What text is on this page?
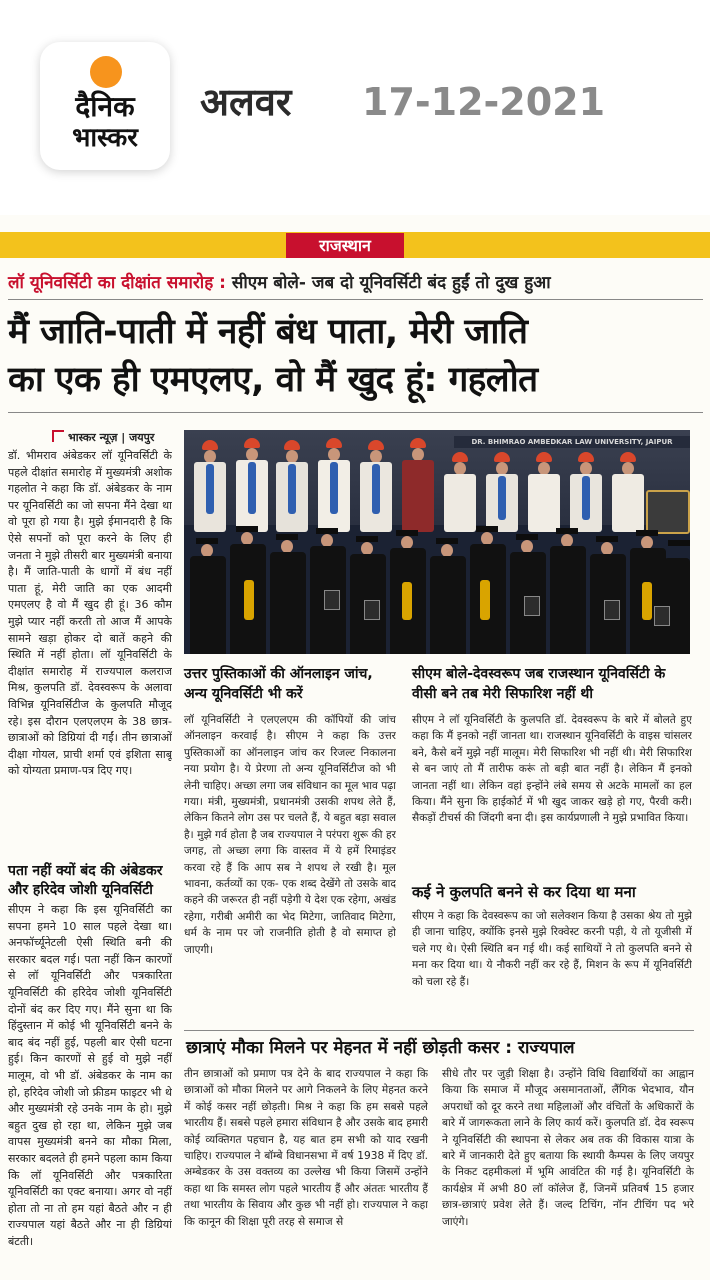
दैनिक
भास्कर
अलवर 17-12-2021
राजस्थान
लॉ यूनिवर्सिटी का दीक्षांत समारोह : सीएम बोले- जब दो यूनिवर्सिटी बंद हुईं तो दुख हुआ
मैं जाति-पाती में नहीं बंध पाता, मेरी जाति
का एक ही एमएलए, वो मैं खुद हूं: गहलोत
भास्कर न्यूज़ | जयपुर
डॉ. भीमराव अंबेडकर लॉ यूनिवर्सिटी के पहले दीक्षांत समारोह में मुख्यमंत्री अशोक गहलोत ने कहा कि डॉ. अंबेडकर के नाम पर यूनिवर्सिटी का जो सपना मैंने देखा था वो पूरा हो गया है। मुझे ईमानदारी है कि ऐसे सपनों को पूरा करने के लिए ही जनता ने मुझे तीसरी बार मुख्यमंत्री बनाया है। मैं जाति-पाती के धागों में बंध नहीं पाता हूं, मेरी जाति का एक आदमी एमएलए है वो मैं खुद ही हूं। 36 कौम मुझे प्यार नहीं करती तो आज मैं आपके सामने खड़ा होकर दो बातें कहने की स्थिति में नहीं होता। लॉ यूनिवर्सिटी के दीक्षांत समारोह में राज्यपाल कलराज मिश्र, कुलपति डॉ. देवस्वरूप के अलावा विभिन्न यूनिवर्सिटीज के कुलपति मौजूद रहे। इस दौरान एलएलएम के 38 छात्र-छात्राओं को डिग्रियां दी गईं। तीन छात्राओं दीक्षा गोयल, प्राची शर्मा एवं इशिता साबू को योग्यता प्रमाण-पत्र दिए गए।
पता नहीं क्यों बंद की अंबेडकर और हरिदेव जोशी यूनिवर्सिटी
सीएम ने कहा कि इस यूनिवर्सिटी का सपना हमने 10 साल पहले देखा था। अनफॉर्च्यूनेटली ऐसी स्थिति बनी की सरकार बदल गई। पता नहीं किन कारणों से लॉ यूनिवर्सिटी और पत्रकारिता यूनिवर्सिटी की हरिदेव जोशी यूनिवर्सिटी दोनों बंद कर दिए गए। मैंने सुना था कि हिंदुस्तान में कोई भी यूनिवर्सिटी बनने के बाद बंद नहीं हुई, पहली बार ऐसी घटना हुई। किन कारणों से हुई वो मुझे नहीं मालूम, वो भी डॉ. अंबेडकर के नाम का हो, हरिदेव जोशी जो फ्रीडम फाइटर भी थे और मुख्यमंत्री रहे उनके नाम के हो। मुझे बहुत दुख हो रहा था, लेकिन मुझे जब वापस मुख्यमंत्री बनने का मौका मिला, सरकार बदलते ही हमने पहला काम किया कि लॉ यूनिवर्सिटी और पत्रकारिता यूनिवर्सिटी का एक्ट बनाया। अगर वो नहीं होता तो ना तो हम यहां बैठते और न ही राज्यपाल यहां बैठते और ना ही डिग्रियां बंटती।
DR. BHIMRAO AMBEDKAR LAW UNIVERSITY, JAIPUR
उत्तर पुस्तिकाओं की ऑनलाइन जांच, अन्य यूनिवर्सिटी भी करें
लॉ यूनिवर्सिटी ने एलएलएम की कॉपियों की जांच ऑनलाइन करवाई है। सीएम ने कहा कि उत्तर पुस्तिकाओं का ऑनलाइन जांच कर रिजल्ट निकालना नया प्रयोग है। ये प्रेरणा तो अन्य यूनिवर्सिटीज को भी लेनी चाहिए। अच्छा लगा जब संविधान का मूल भाव पढ़ा गया। मंत्री, मुख्यमंत्री, प्रधानमंत्री उसकी शपथ लेते हैं, लेकिन कितने लोग उस पर चलते हैं, ये बहुत बड़ा सवाल है। मुझे गर्व होता है जब राज्यपाल ने परंपरा शुरू की हर जगह, तो अच्छा लगा कि वास्तव में ये हमें रिमाइंडर करवा रहे हैं कि आप सब ने शपथ ले रखी है। मूल भावना, कर्तव्यों का एक- एक शब्द देखेंगे तो उसके बाद कहने की जरूरत ही नहीं पड़ेगी ये देश एक रहेगा, अखंड रहेगा, गरीबी अमीरी का भेद मिटेगा, जातिवाद मिटेगा, धर्म के नाम पर जो राजनीति होती है वो समाप्त हो जाएगी।
सीएम बोले-देवस्वरूप जब राजस्थान यूनिवर्सिटी के वीसी बने तब मेरी सिफारिश नहीं थी
सीएम ने लॉ यूनिवर्सिटी के कुलपति डॉ. देवस्वरूप के बारे में बोलते हुए कहा कि मैं इनको नहीं जानता था। राजस्थान यूनिवर्सिटी के वाइस चांसलर बने, कैसे बनें मुझे नहीं मालूम। मेरी सिफारिश भी नहीं थी। मेरी सिफारिश से बन जाएं तो मैं तारीफ करूं तो बड़ी बात नहीं है। लेकिन मैं इनको जानता नहीं था। लेकिन वहां इन्होंने लंबे समय से अटके मामलों का हल किया। मैंने सुना कि हाईकोर्ट में भी खुद जाकर खड़े हो गए, पैरवी करी। सैकड़ों टीचर्स की जिंदगी बना दी। इस कार्यप्रणाली ने मुझे प्रभावित किया।
कई ने कुलपति बनने से कर दिया था मना
सीएम ने कहा कि देवस्वरूप का जो सलेक्शन किया है उसका श्रेय तो मुझे ही जाना चाहिए, क्योंकि इनसे मुझे रिक्वेस्ट करनी पड़ी, ये तो यूजीसी में चले गए थे। ऐसी स्थिति बन गई थी। कई साथियों ने तो कुलपति बनने से मना कर दिया था। ये नौकरी नहीं कर रहे हैं, मिशन के रूप में यूनिवर्सिटी को चला रहे हैं।
छात्राएं मौका मिलने पर मेहनत में नहीं छोड़ती कसर : राज्यपाल
तीन छात्राओं को प्रमाण पत्र देने के बाद राज्यपाल ने कहा कि छात्राओं को मौका मिलने पर आगे निकलने के लिए मेहनत करने में कोई कसर नहीं छोड़ती। मिश्र ने कहा कि हम सबसे पहले भारतीय हैं। सबसे पहले हमारा संविधान है और उसके बाद हमारी कोई व्यक्तिगत पहचान है, यह बात हम सभी को याद रखनी चाहिए। राज्यपाल ने बॉम्बे विधानसभा में वर्ष 1938 में दिए डॉ. अम्बेडकर के उस वक्तव्य का उल्लेख भी किया जिसमें उन्होंने कहा था कि समस्त लोग पहले भारतीय हैं और अंततः भारतीय हैं तथा भारतीय के सिवाय और कुछ भी नहीं हो। राज्यपाल ने कहा कि कानून की शिक्षा पूरी तरह से समाज से
सीधे तौर पर जुड़ी शिक्षा है। उन्होंने विधि विद्यार्थियों का आह्वान किया कि समाज में मौजूद असमानताओं, लैंगिक भेदभाव, यौन अपराधों को दूर करने तथा महिलाओं और वंचितों के अधिकारों के बारे में जागरूकता लाने के लिए कार्य करें। कुलपति डॉ. देव स्वरूप ने यूनिवर्सिटी की स्थापना से लेकर अब तक की विकास यात्रा के बारे में जानकारी देते हुए बताया कि स्थायी कैम्पस के लिए जयपुर के निकट दहमीकलां में भूमि आवंटित की गई है। यूनिवर्सिटी के कार्यक्षेत्र में अभी 80 लॉ कॉलेज हैं, जिनमें प्रतिवर्ष 15 हजार छात्र-छात्राएं प्रवेश लेते हैं। जल्द टिचिंग, नॉन टीचिंग पद भरे जाएंगे।
